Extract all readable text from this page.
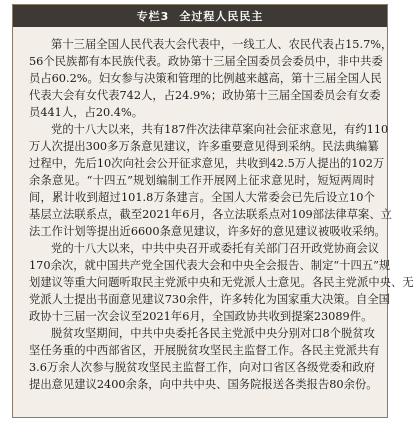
专栏3 全过程人民民主
第 十 三 届 全 国 人 民 代 表 大 会 代 表 中 ， 一 线 工 人 、 农 民 代 表 占 15.7% ，
56 个 民 族 都 有 本 民 族 代 表 。 政 协 第 十 三 届 全 国 委 员 会 委 员 中 ， 非 中 共 委
员 占 60.2% 。 妇 女 参 与 决 策 和 管 理 的 比 例 越 来 越 高 ， 第 十 三 届 全 国 人 民
代 表 大 会 有 女 代 表 742 人 ， 占 24.9% ； 政 协 第 十 三 届 全 国 委 员 会 有 女 委
员 441 人 ， 占 20.4% 。
党 的 十 八 大 以 来 ， 共 有 187 件 次 法 律 草 案 向 社 会 征 求 意 见 ， 有 约 110
万 人 次 提 出 300 多 万 条 意 见 建 议 ， 许 多 重 要 意 见 得 到 采 纳 。 民 法 典 编 纂
过 程 中 ， 先 后 10 次 向 社 会 公 开 征 求 意 见 ， 共 收 到 42.5 万 人 提 出 的 102 万
余 条 意 见 。 “ 十 四 五 ” 规 划 编 制 工 作 开 展 网 上 征 求 意 见 时 ， 短 短 两 周 时
间 ， 累 计 收 到 超 过 101.8 万 条 建 言 。 全 国 人 大 常 委 会 已 先 后 设 立 10 个
基 层 立 法 联 系 点 ， 截 至 2021 年 6 月 ， 各 立 法 联 系 点 对 109 部 法 律 草 案 、 立
法 工 作 计 划 等 提 出 近 6600 条 意 见 建 议 ， 许 多 好 的 意 见 建 议 被 吸 收 采 纳 。
党 的 十 八 大 以 来 ， 中 共 中 央 召 开 或 委 托 有 关 部 门 召 开 政 党 协 商 会 议
170 余 次 ， 就 中 国 共 产 党 全 国 代 表 大 会 和 中 央 全 会 报 告 、 制 定 “ 十 四 五 ” 规
划 建 议 等 重 大 问 题 听 取 民 主 党 派 中 央 和 无 党 派 人 士 意 见 。 各 民 主 党 派 中 央 、 无
党 派 人 士 提 出 书 面 意 见 建 议 730 余 件 ， 许 多 转 化 为 国 家 重 大 决 策 。 自 全 国
政 协 十 三 届 一 次 会 议 至 2021 年 6 月 ， 全 国 政 协 共 收 到 提 案 23089 件 。
脱 贫 攻 坚 期 间 ， 中 共 中 央 委 托 各 民 主 党 派 中 央 分 别 对 口 8 个 脱 贫 攻
坚 任 务 重 的 中 西 部 省 区 ， 开 展 脱 贫 攻 坚 民 主 监 督 工 作 。 各 民 主 党 派 共 有
3.6 万 余 人 次 参 与 脱 贫 攻 坚 民 主 监 督 工 作 ， 向 对 口 省 区 各 级 党 委 和 政 府
提 出 意 见 建 议 2400 余 条 ， 向 中 共 中 央 、 国 务 院 报 送 各 类 报 告 80 余 份 。
